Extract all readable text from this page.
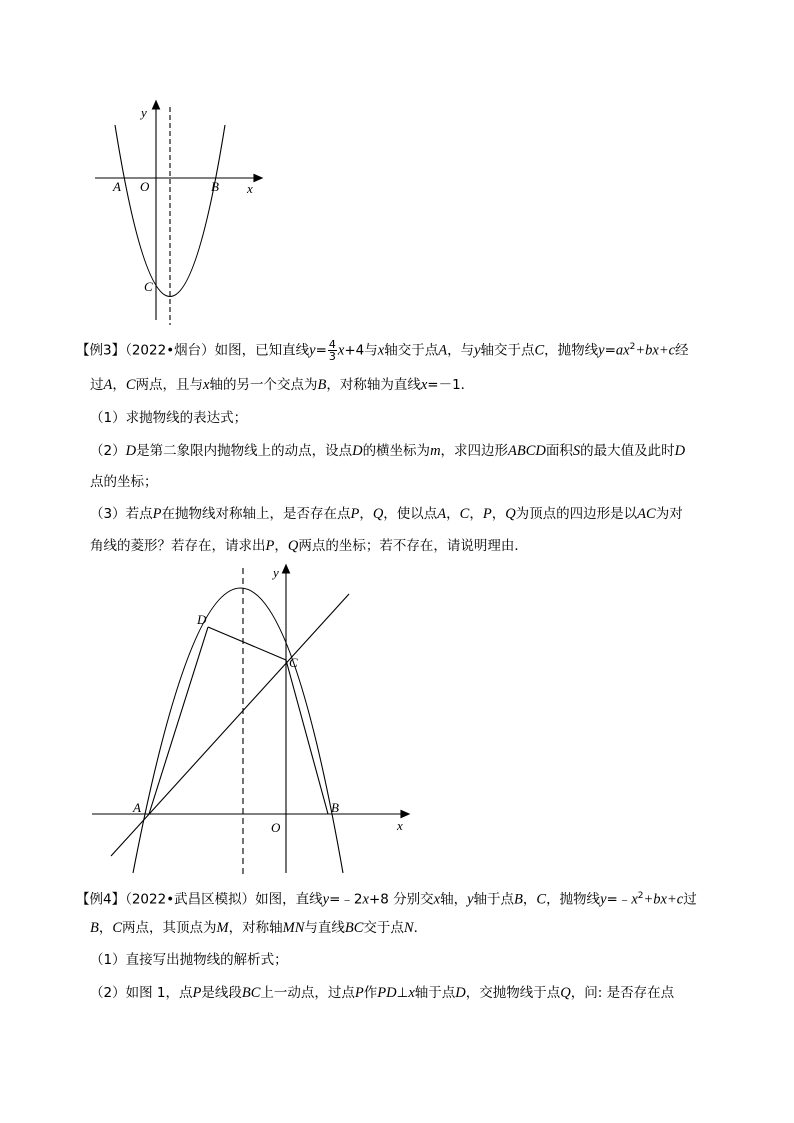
y
x
A O	B
C
【例3】（2022•烟台）如图，已知直线$y= \frac{4}{3} x+4$与x轴交于点A，与y轴交于点C，抛物线$y=ax^2+bx+c$经
过A，C两点，且与x轴的另一个交点为B，对称轴为直线x=－1．
（1）求抛物线的表达式；
（2）D是第二象限内抛物线上的动点，设点D的横坐标为m，求四边形ABCD面积S的最大值及此时D
点的坐标；
（3）若点P在抛物线对称轴上，是否存在点P，Q，使以点A，C，P，Q为顶点的四边形是以AC为对
角线的菱形？若存在，请求出P，Q两点的坐标；若不存在，请说明理由．
y
x
D
C
A	B
O
【例4】（2022•武昌区模拟）如图，直线y=﹣2x+8 分别交x轴，y轴于点B，C，抛物线$y=﹣x^2+bx+c$过
B，C两点，其顶点为M，对称轴MN与直线BC交于点N．
（1）直接写出抛物线的解析式；
（2）如图 1，点P是线段BC上一动点，过点P作PD⊥x轴于点D，交抛物线于点Q，问: 是否存在点
